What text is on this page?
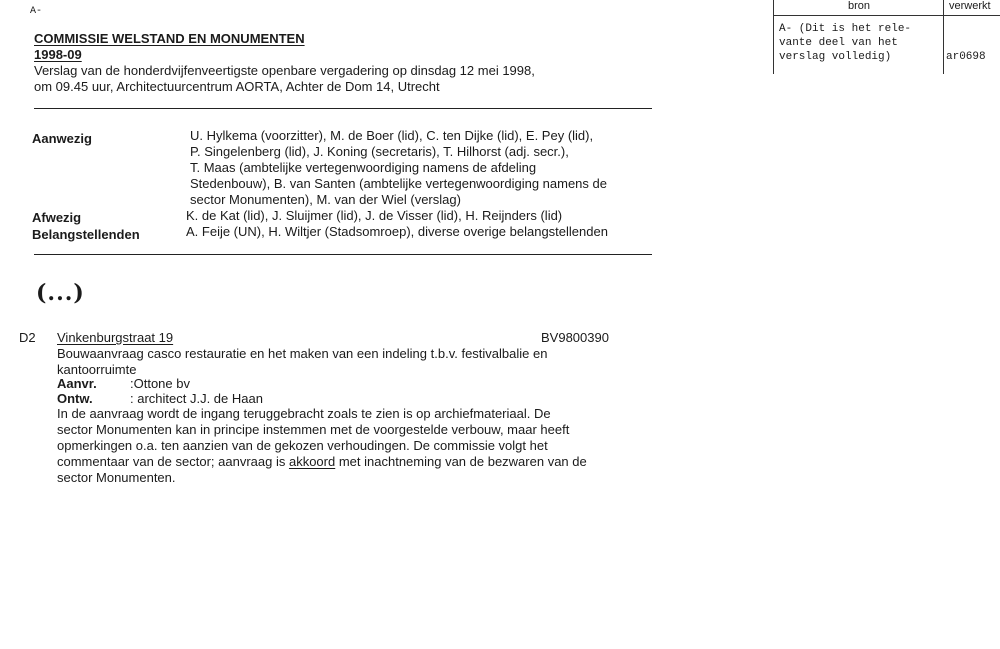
A-	bron	verwerkt
A- (Dit is het rele-
vante deel van het
verslag volledig)	ar0698
COMMISSIE WELSTAND EN MONUMENTEN
1998-09
Verslag van de honderdvijfenveertigste openbare vergadering op dinsdag 12 mei 1998,
om 09.45 uur, Architectuurcentrum AORTA, Achter de Dom 14, Utrecht
Aanwezig	U. Hylkema (voorzitter), M. de Boer (lid), C. ten Dijke (lid), E. Pey (lid),
P. Singelenberg (lid), J. Koning (secretaris), T. Hilhorst (adj. secr.),
T. Maas (ambtelijke vertegenwoordiging namens de afdeling
Stedenbouw), B. van Santen (ambtelijke vertegenwoordiging namens de
sector Monumenten), M. van der Wiel (verslag)
Afwezig	K. de Kat (lid), J. Sluijmer (lid), J. de Visser (lid), H. Reijnders (lid)
Belangstellenden	A. Feije (UN), H. Wiltjer (Stadsomroep), diverse overige belangstellenden
(...)
D2 Vinkenburgstraat 19	BV9800390
Bouwaanvraag casco restauratie en het maken van een indeling t.b.v. festivalbalie en
kantoorruimte
Aanvr.	:Ottone bv
Ontw.	: architect J.J. de Haan
In de aanvraag wordt de ingang teruggebracht zoals te zien is op archiefmateriaal. De
sector Monumenten kan in principe instemmen met de voorgestelde verbouw, maar heeft
opmerkingen o.a. ten aanzien van de gekozen verhoudingen. De commissie volgt het
commentaar van de sector; aanvraag is akkoord met inachtneming van de bezwaren van de
sector Monumenten.
